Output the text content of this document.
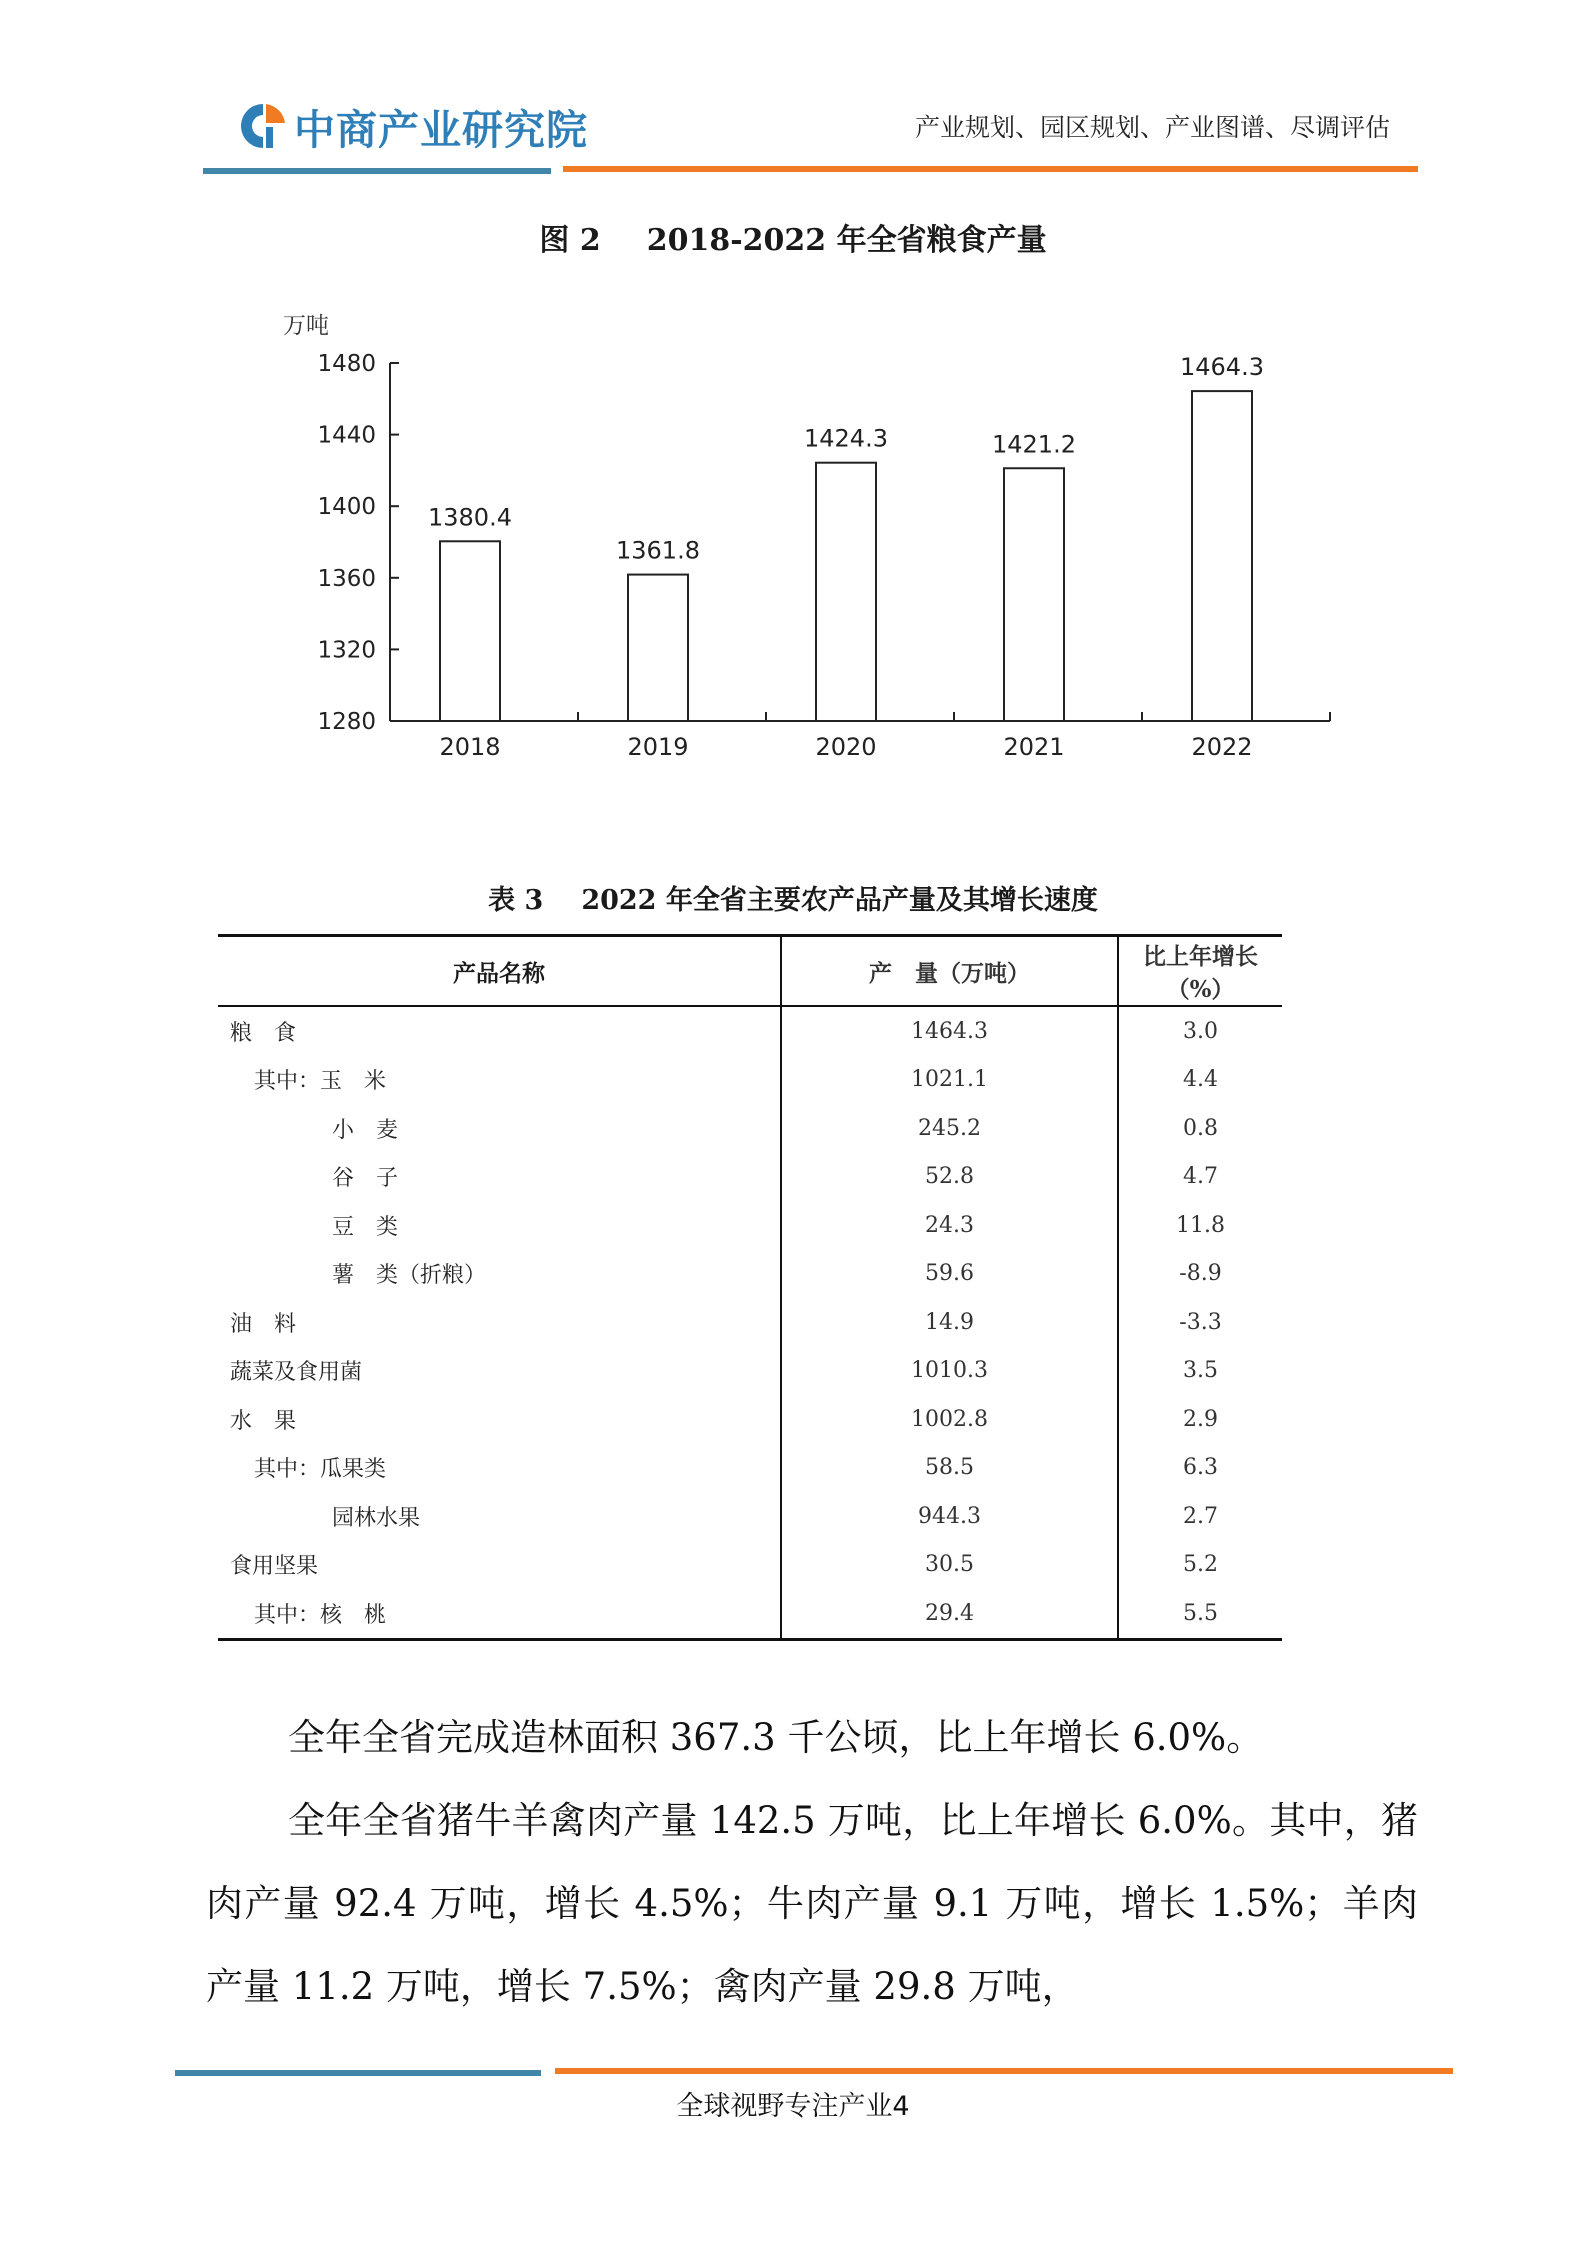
中商产业研究院	产业规划、园区规划、产业图谱、尽调评估
图 2 2018-2022 年全省粮食产量
万吨
1280
1320
1360
1400
1440
1480
1380.4
2018
1361.8
2019
1424.3
2020
1421.2
2021
1464.3
2022
表 3 2022 年全省主要农产品产量及其增长速度
产品名称	产　量（万吨）	比上年增长（%）
粮　食	1464.3	3.0
其中：玉　米	1021.1	4.4
小　麦	245.2	0.8
谷　子	52.8	4.7
豆　类	24.3	11.8
薯　类（折粮）	59.6	-8.9
油　料	14.9	-3.3
蔬菜及食用菌	1010.3	3.5
水　果	1002.8	2.9
其中：瓜果类	58.5	6.3
园林水果	944.3	2.7
食用坚果	30.5	5.2
其中：核　桃	29.4	5.5
全年全省完成造林面积 367.3 千公顷，比上年增长 6.0%。
全年全省猪牛羊禽肉产量 142.5 万吨，比上年增长 6.0%。其中，猪肉产量 92.4 万吨，增长 4.5%；牛肉产量 9.1 万吨，增长 1.5%；羊肉产量 11.2 万吨，增长 7.5%；禽肉产量 29.8 万吨，
全球视野专注产业4
